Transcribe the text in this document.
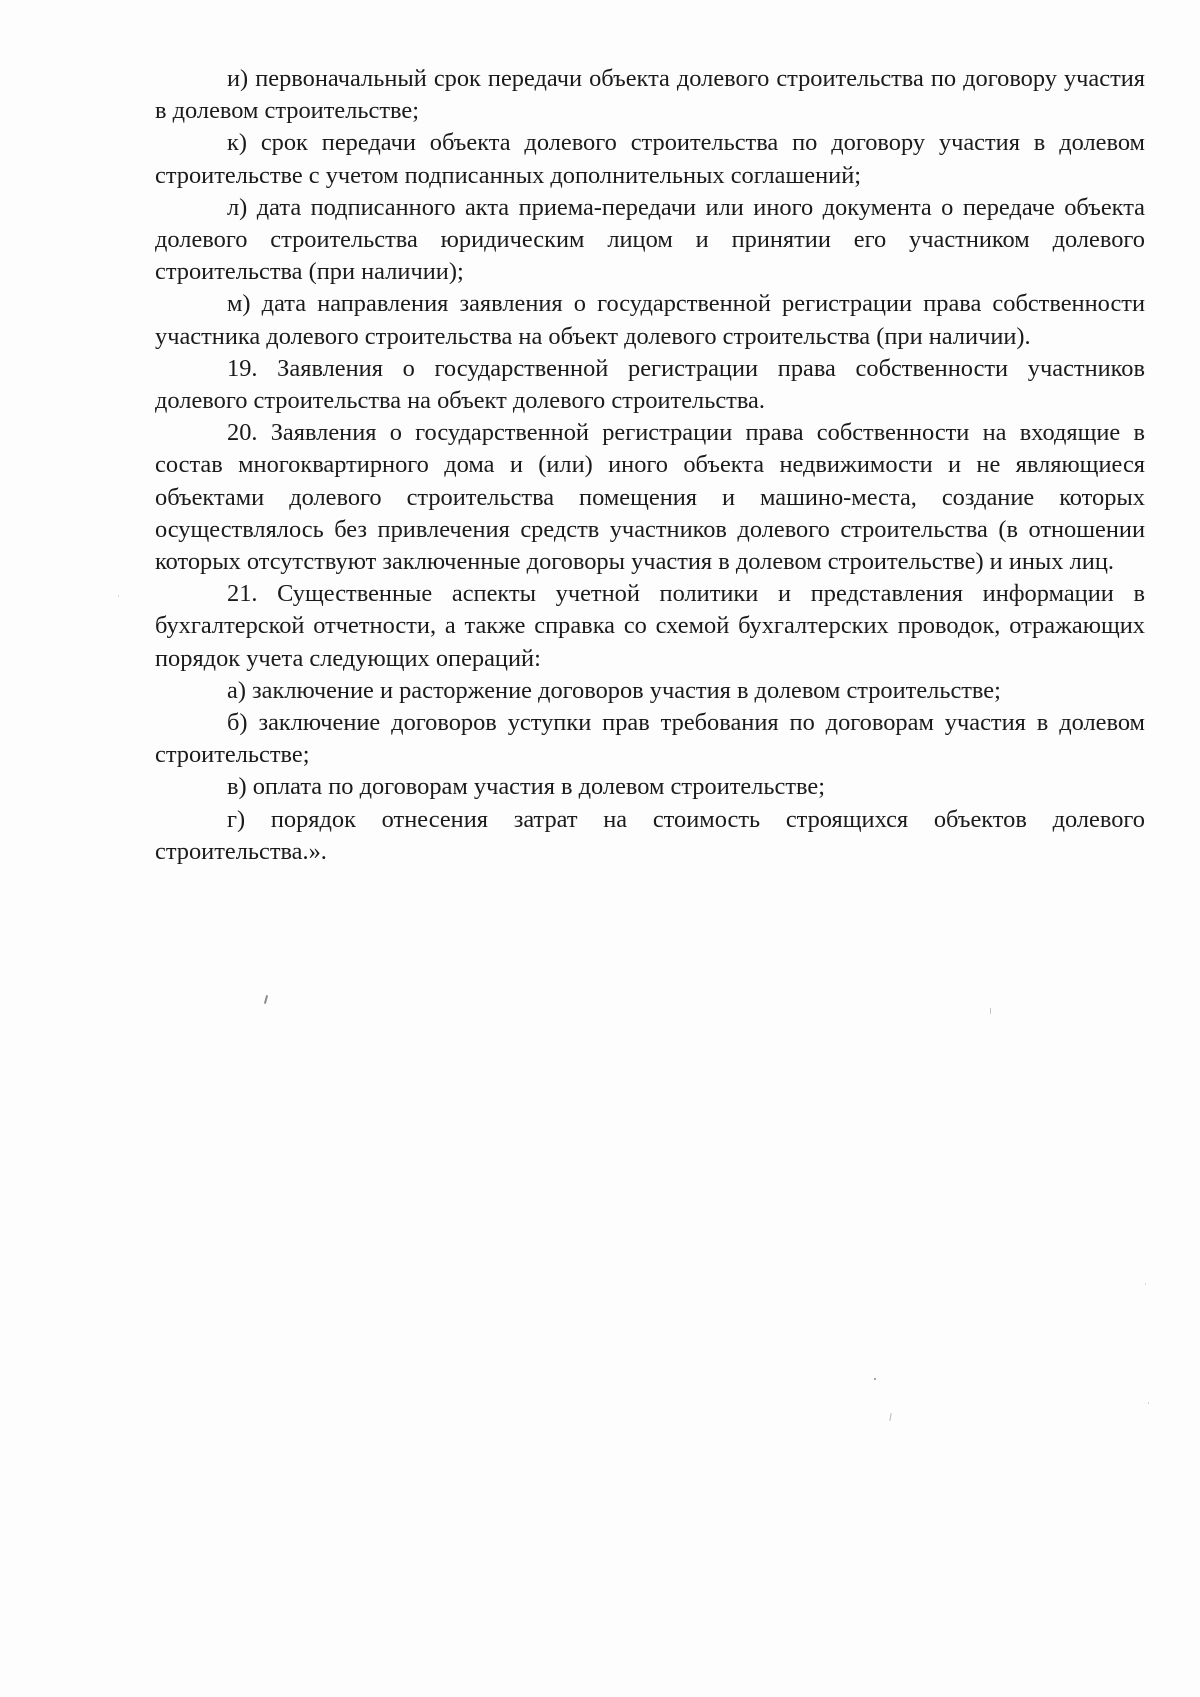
и) первоначальный срок передачи объекта долевого строительства по договору участия в долевом строительстве;

к) срок передачи объекта долевого строительства по договору участия в долевом строительстве с учетом подписанных дополнительных соглашений;

л) дата подписанного акта приема-передачи или иного документа о передаче объекта долевого строительства юридическим лицом и принятии его участником долевого строительства (при наличии);

м) дата направления заявления о государственной регистрации права собственности участника долевого строительства на объект долевого строительства (при наличии).

19. Заявления о государственной регистрации права собственности участников долевого строительства на объект долевого строительства.

20. Заявления о государственной регистрации права собственности на входящие в состав многоквартирного дома и (или) иного объекта недвижимости и не являющиеся объектами долевого строительства помещения и машино-места, создание которых осуществлялось без привлечения средств участников долевого строительства (в отношении которых отсутствуют заключенные договоры участия в долевом строительстве) и иных лиц.

21. Существенные аспекты учетной политики и представления информации в бухгалтерской отчетности, а также справка со схемой бухгалтерских проводок, отражающих порядок учета следующих операций:

а) заключение и расторжение договоров участия в долевом строительстве;

б) заключение договоров уступки прав требования по договорам участия в долевом строительстве;

в) оплата по договорам участия в долевом строительстве;

г) порядок отнесения затрат на стоимость строящихся объектов долевого строительства.».
